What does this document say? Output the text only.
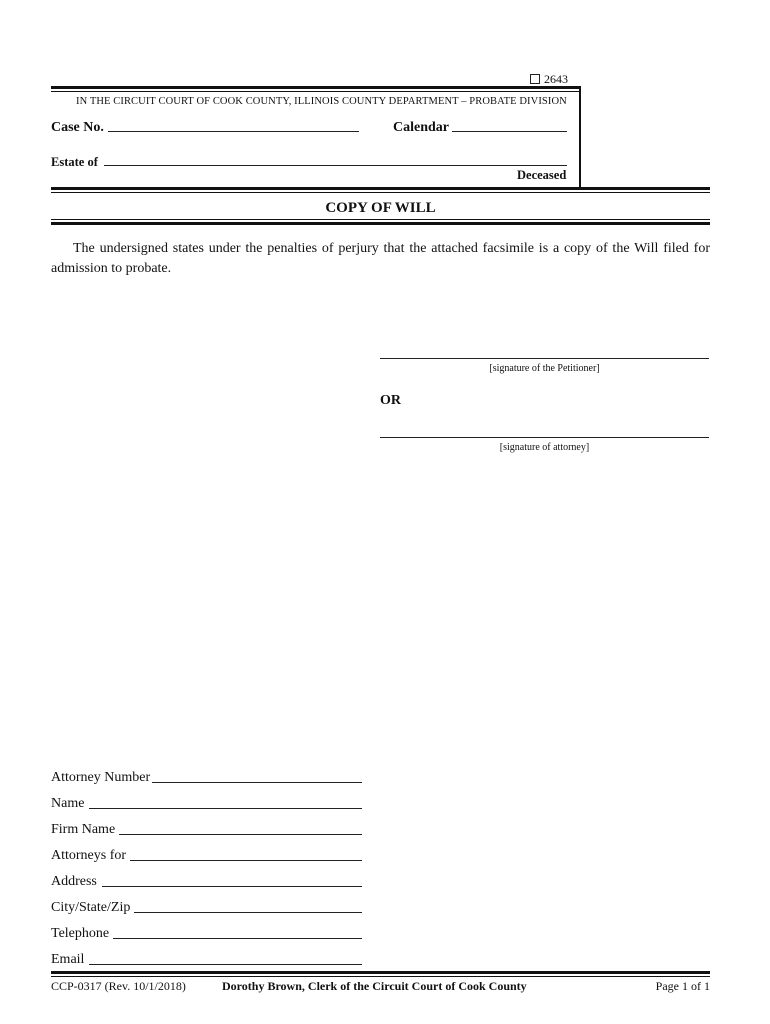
2643
IN THE CIRCUIT COURT OF COOK COUNTY, ILLINOIS COUNTY DEPARTMENT – PROBATE DIVISION
Case No.	Calendar
Estate of
Deceased
COPY OF WILL
The undersigned states under the penalties of perjury that the attached facsimile is a copy of the Will filed for admission to probate.
[signature of the Petitioner]
OR
[signature of attorney]
Attorney Number
Name
Firm Name
Attorneys for
Address
City/State/Zip
Telephone
Email
CCP-0317 (Rev. 10/1/2018)	Dorothy Brown, Clerk of the Circuit Court of Cook County	Page 1 of 1
